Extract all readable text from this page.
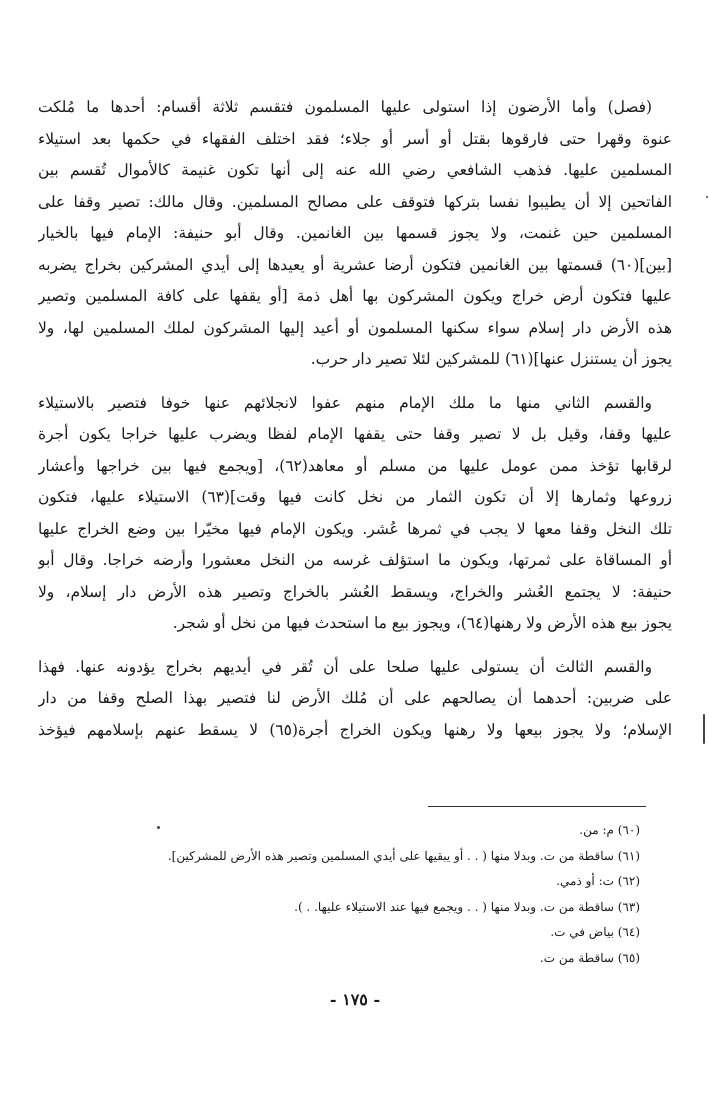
(فصل) وأما الأرضون إذا استولى عليها المسلمون فتقسم ثلاثة أقسام: أحدها ما مُلكت
عنوة وقهرا حتى فارقوها بقتل أو أسر أو جلاء؛ فقد اختلف الفقهاء في حكمها بعد استيلاء
المسلمين عليها. فذهب الشافعي رضي الله عنه إلى أنها تكون غنيمة كالأموال تُقسم بين
الفاتحين إلا أن يطيبوا نفسا بتركها فتوقف على مصالح المسلمين. وقال مالك: تصير وقفا على
المسلمين حين غنمت، ولا يجوز قسمها بين الغانمين. وقال أبو حنيفة: الإمام فيها بالخيار
[بين](٦٠) قسمتها بين الغانمين فتكون أرضا عشرية أو يعيدها إلى أيدي المشركين بخراج يضربه
عليها فتكون أرض خراج ويكون المشركون بها أهل ذمة [أو يقفها على كافة المسلمين وتصير
هذه الأرض دار إسلام سواء سكنها المسلمون أو أعيد إليها المشركون لملك المسلمين لها، ولا
يجوز أن يستنزل عنها](٦١) للمشركين لئلا تصير دار حرب.
والقسم الثاني منها ما ملك الإمام منهم عفوا لانجلائهم عنها خوفا فتصير بالاستيلاء
عليها وقفا، وقيل بل لا تصير وقفا حتى يقفها الإمام لفظا ويضرب عليها خراجا يكون أجرة
لرقابها تؤخذ ممن عومل عليها من مسلم أو معاهد(٦٢)، [ويجمع فيها بين خراجها وأعشار
زروعها وثمارها إلا أن تكون الثمار من نخل كانت فيها وقت](٦٣) الاستيلاء عليها، فتكون
تلك النخل وقفا معها لا يجب في ثمرها عُشر. ويكون الإمام فيها مخيّرا بين وضع الخراج عليها
أو المساقاة على ثمرتها، ويكون ما استؤلف غرسه من النخل معشورا وأرضه خراجا. وقال أبو
حنيفة: لا يجتمع العُشر والخراج، ويسقط العُشر بالخراج وتصير هذه الأرض دار إسلام، ولا
يجوز بيع هذه الأرض ولا رهنها(٦٤)، ويجوز بيع ما استحدث فيها من نخل أو شجر.
والقسم الثالث أن يستولى عليها صلحا على أن تُقر في أيديهم بخراج يؤدونه عنها. فهذا
على ضربين: أحدهما أن يصالحهم على أن مُلك الأرض لنا فتصير بهذا الصلح وقفا من دار
الإسلام؛ ولا يجوز بيعها ولا رهنها ويكون الخراج أجرة(٦٥) لا يسقط عنهم بإسلامهم فيؤخذ
(٦٠) م: من.
(٦١) ساقطة من ت. وبدلا منها ( . . أو يبقيها على أيدي المسلمين وتصير هذه الأرض للمشركين].
(٦٢) ت: أو ذمي.
(٦٣) ساقطة من ت. وبدلا منها ( . . ويجمع فيها عند الاستيلاء عليها. . ).
(٦٤) بياض في ت.
(٦٥) ساقطة من ت.
- ١٧٥ -
